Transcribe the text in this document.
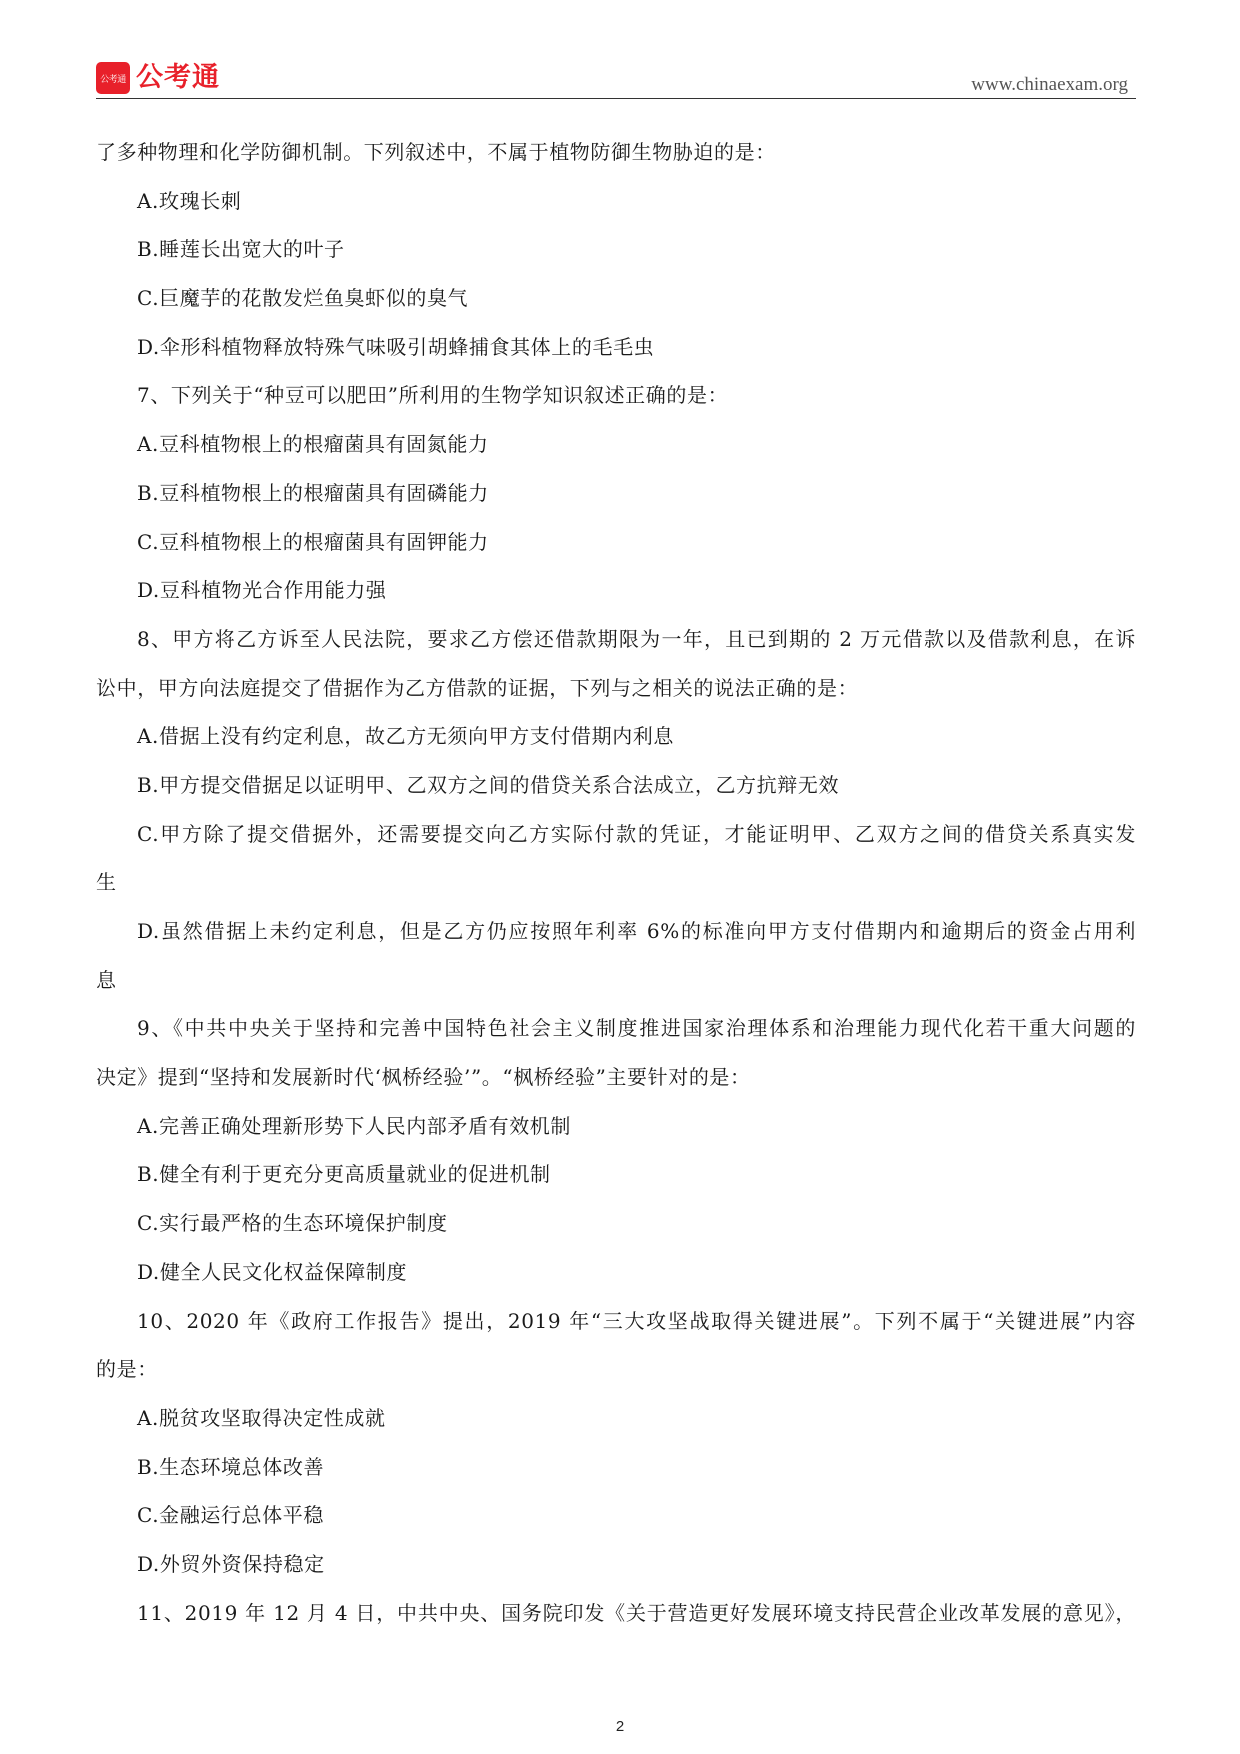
公考通 公考通	www.chinaexam.org
了多种物理和化学防御机制。下列叙述中，不属于植物防御生物胁迫的是：
A.玫瑰长刺
B.睡莲长出宽大的叶子
C.巨魔芋的花散发烂鱼臭虾似的臭气
D.伞形科植物释放特殊气味吸引胡蜂捕食其体上的毛毛虫
7、下列关于“种豆可以肥田”所利用的生物学知识叙述正确的是：
A.豆科植物根上的根瘤菌具有固氮能力
B.豆科植物根上的根瘤菌具有固磷能力
C.豆科植物根上的根瘤菌具有固钾能力
D.豆科植物光合作用能力强
8、甲方将乙方诉至人民法院，要求乙方偿还借款期限为一年，且已到期的 2 万元借款以及借款利息，在诉
讼中，甲方向法庭提交了借据作为乙方借款的证据，下列与之相关的说法正确的是：
A.借据上没有约定利息，故乙方无须向甲方支付借期内利息
B.甲方提交借据足以证明甲、乙双方之间的借贷关系合法成立，乙方抗辩无效
C.甲方除了提交借据外，还需要提交向乙方实际付款的凭证，才能证明甲、乙双方之间的借贷关系真实发
生
D.虽然借据上未约定利息，但是乙方仍应按照年利率 6%的标准向甲方支付借期内和逾期后的资金占用利
息
9、《中共中央关于坚持和完善中国特色社会主义制度推进国家治理体系和治理能力现代化若干重大问题的
决定》提到“坚持和发展新时代‘枫桥经验’”。“枫桥经验”主要针对的是：
A.完善正确处理新形势下人民内部矛盾有效机制
B.健全有利于更充分更高质量就业的促进机制
C.实行最严格的生态环境保护制度
D.健全人民文化权益保障制度
10、2020 年《政府工作报告》提出，2019 年“三大攻坚战取得关键进展”。下列不属于“关键进展”内容
的是：
A.脱贫攻坚取得决定性成就
B.生态环境总体改善
C.金融运行总体平稳
D.外贸外资保持稳定
11、2019 年 12 月 4 日，中共中央、国务院印发《关于营造更好发展环境支持民营企业改革发展的意见》，
2
